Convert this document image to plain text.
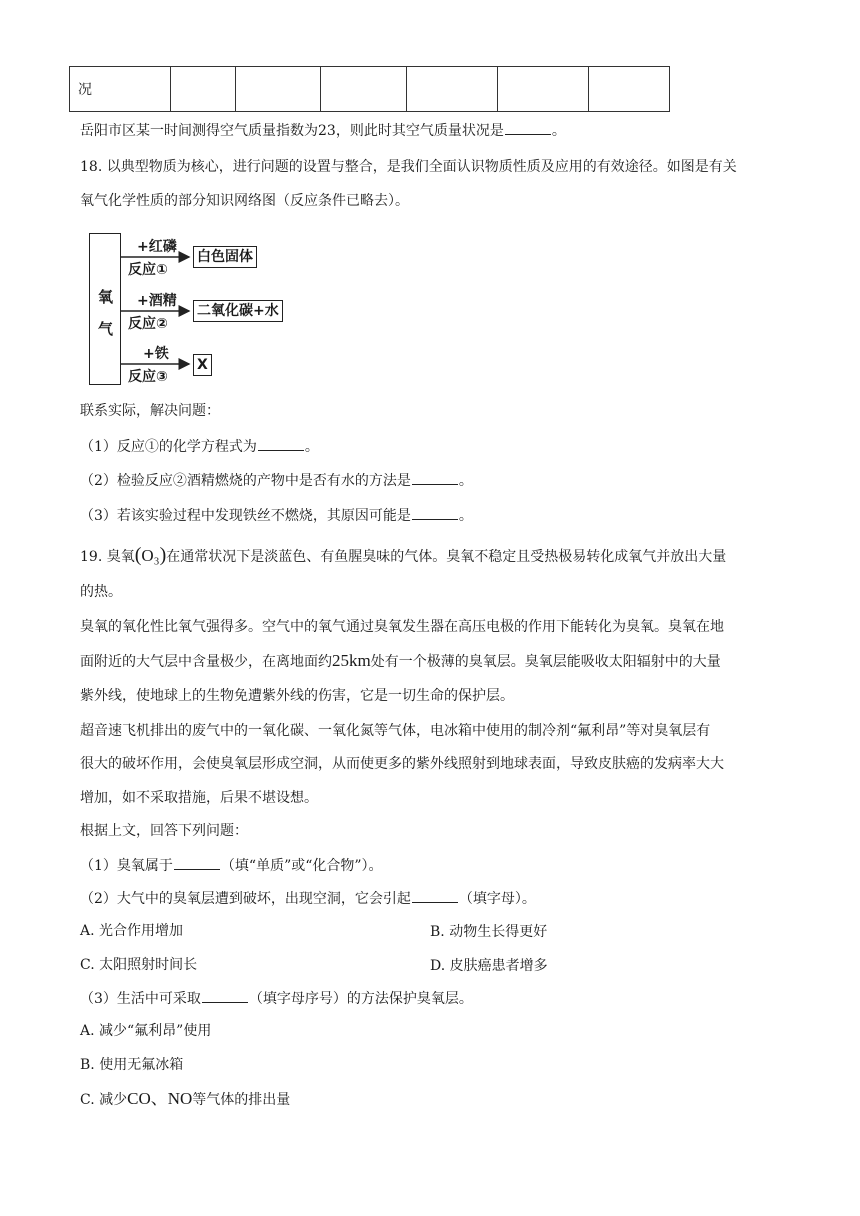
况						
岳阳市区某一时间测得空气质量指数为23，则此时其空气质量状况是	。
18. 以典型物质为核心，进行问题的设置与整合，是我们全面认识物质性质及应用的有效途径。如图是有关
氧气化学性质的部分知识网络图（反应条件已略去）。
氧
气
+红磷
反应①
白色固体
+酒精
反应②
二氧化碳+水
+铁
反应③
X
联系实际，解决问题：
（1）反应①的化学方程式为	。
（2）检验反应②酒精燃烧的产物中是否有水的方法是	。
（3）若该实验过程中发现铁丝不燃烧，其原因可能是	。
19. 臭氧(O₃)在通常状况下是淡蓝色、有鱼腥臭味的气体。臭氧不稳定且受热极易转化成氧气并放出大量
的热。
臭氧的氧化性比氧气强得多。空气中的氧气通过臭氧发生器在高压电极的作用下能转化为臭氧。臭氧在地
面附近的大气层中含量极少，在离地面约25km处有一个极薄的臭氧层。臭氧层能吸收太阳辐射中的大量
紫外线，使地球上的生物免遭紫外线的伤害，它是一切生命的保护层。
超音速飞机排出的废气中的一氧化碳、一氧化氮等气体，电冰箱中使用的制冷剂“氟利昂”等对臭氧层有
很大的破坏作用，会使臭氧层形成空洞，从而使更多的紫外线照射到地球表面，导致皮肤癌的发病率大大
增加，如不采取措施，后果不堪设想。
根据上文，回答下列问题：
（1）臭氧属于	（填“单质”或“化合物”）。
（2）大气中的臭氧层遭到破坏，出现空洞，它会引起	（填字母）。
A. 光合作用增加	B. 动物生长得更好
C. 太阳照射时间长	D. 皮肤癌患者增多
（3）生活中可采取	（填字母序号）的方法保护臭氧层。
A. 减少“氟利昂”使用
B. 使用无氟冰箱
C. 减少CO、NO等气体的排出量
